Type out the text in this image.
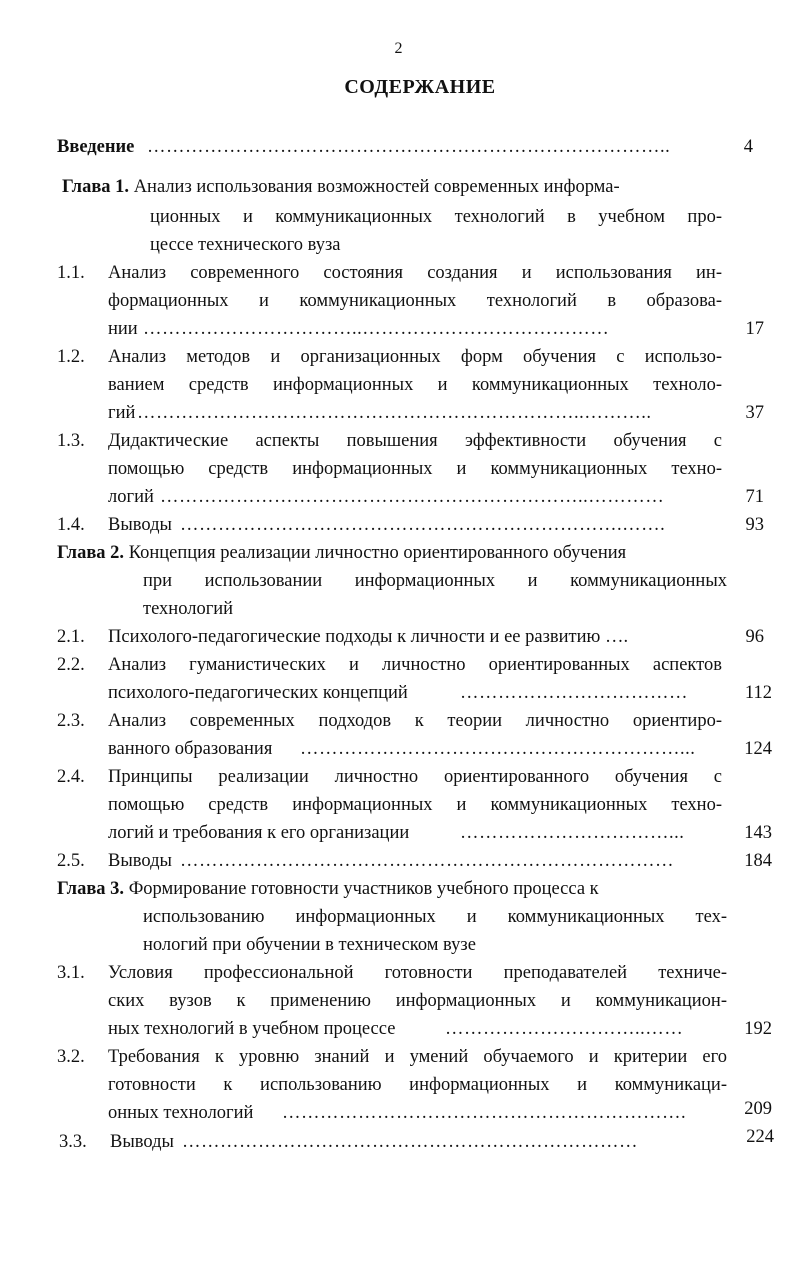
2
СОДЕРЖАНИЕ
Введение ………………………………………………………………………..	4
Глава 1. Анализ использования возможностей современных информа-
ционных и коммуникационных технологий в учебном про-
цессе технического вуза
1.1. Анализ современного состояния создания и использования ин-
формационных и коммуникационных технологий в образова-
нии ……………………………..…………………………………	17
1.2. Анализ методов и организационных форм обучения с использо-
ванием средств информационных и коммуникационных техноло-
гий ……………………………………………………………..………..	37
1.3. Дидактические аспекты повышения эффективности обучения с
помощью средств информационных и коммуникационных техно-
логий …………………………………………………………..…………	71
1.4. Выводы …………………………………………………………….…….	93
Глава 2. Концепция реализации личностно ориентированного обучения
при использовании информационных и коммуникационных
технологий
2.1. Психолого-педагогические подходы к личности и ее развитию ….	96
2.2. Анализ гуманистических и личностно ориентированных аспектов
психолого-педагогических концепций	………………………………	112
2.3. Анализ современных подходов к теории личностно ориентиро-
ванного образования ……………………………………………………...	124
2.4. Принципы реализации личностно ориентированного обучения с
помощью средств информационных и коммуникационных техно-
логий и требования к его организации	……………………………...	143
2.5. Выводы ……………………………………………………………………	184
Глава 3. Формирование готовности участников учебного процесса к
использованию информационных и коммуникационных тех-
нологий при обучении в техническом вузе
3.1. Условия профессиональной готовности преподавателей техниче-
ских вузов к применению информационных и коммуникацион-
ных технологий в учебном процессе	…………………………..……	192
3.2. Требования к уровню знаний и умений обучаемого и критерии его
готовности к использованию информационных и коммуникаци-
онных технологий ……………………………………………………….	209
3.3. Выводы ………………………………………………………………	224
